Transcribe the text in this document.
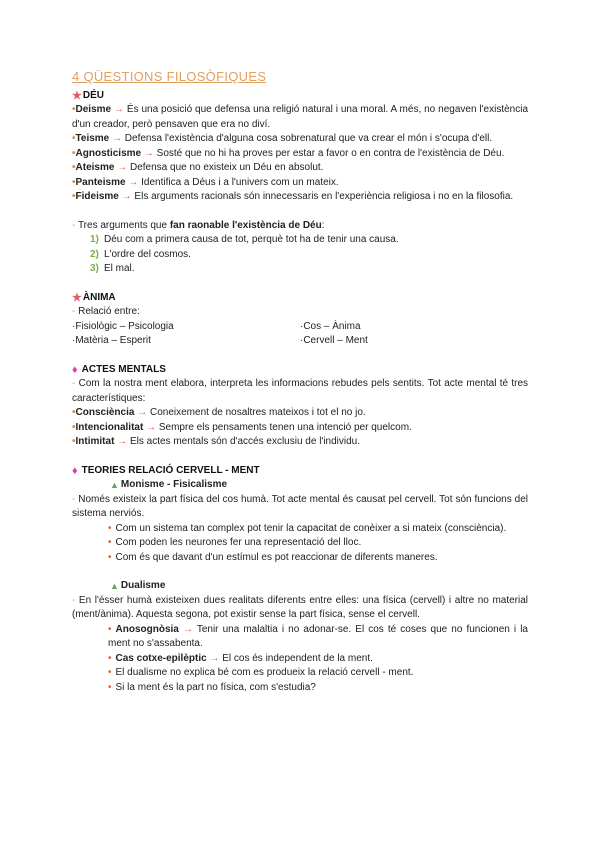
4 QÜESTIONS FILOSÒFIQUES
★ DÉU
•Deisme → És una posició que defensa una religió natural i una moral. A més, no negaven l'existència d'un creador, però pensaven que era no diví.
•Teisme → Defensa l'existència d'alguna cosa sobrenatural que va crear el món i s'ocupa d'ell.
•Agnosticisme → Sosté que no hi ha proves per estar a favor o en contra de l'existència de Déu.
•Ateisme → Defensa que no existeix un Déu en absolut.
•Panteisme → Identifica a Déus i a l'univers com un mateix.
•Fideisme → Els arguments racionals són innecessaris en l'experiència religiosa i no en la filosofia.
- Tres arguments que fan raonable l'existència de Déu:
1) Déu com a primera causa de tot, perquè tot ha de tenir una causa.
2) L'ordre del cosmos.
3) El mal.
★ ÀNIMA
- Relació entre:
·Fisiològic – Psicologia
·Matèria – Esperit
·Cos – Ànima
·Cervell – Ment
♦ ACTES MENTALS
- Com la nostra ment elabora, interpreta les informacions rebudes pels sentits. Tot acte mental té tres característiques:
•Consciència → Coneixement de nosaltres mateixos i tot el no jo.
•Intencionalitat → Sempre els pensaments tenen una intenció per quelcom.
•Intimitat → Els actes mentals són d'accés exclusiu de l'individu.
♦ TEORIES RELACIÓ CERVELL - MENT
▲ Monisme - Fisicalisme
- Només existeix la part física del cos humà. Tot acte mental és causat pel cervell. Tot són funcions del sistema nerviós.
• Com un sistema tan complex pot tenir la capacitat de conèixer a si mateix (consciència).
• Com poden les neurones fer una representació del lloc.
• Com és que davant d'un estímul es pot reaccionar de diferents maneres.
▲ Dualisme
- En l'ésser humà existeixen dues realitats diferents entre elles: una física (cervell) i altre no material (ment/ànima). Aquesta segona, pot existir sense la part física, sense el cervell.
• Anosognòsia → Tenir una malaltia i no adonar-se. El cos té coses que no funcionen i la ment no s'assabenta.
• Cas cotxe-epilèptic → El cos és independent de la ment.
• El dualisme no explica bé com es produeix la relació cervell - ment.
• Si la ment és la part no física, com s'estudia?
